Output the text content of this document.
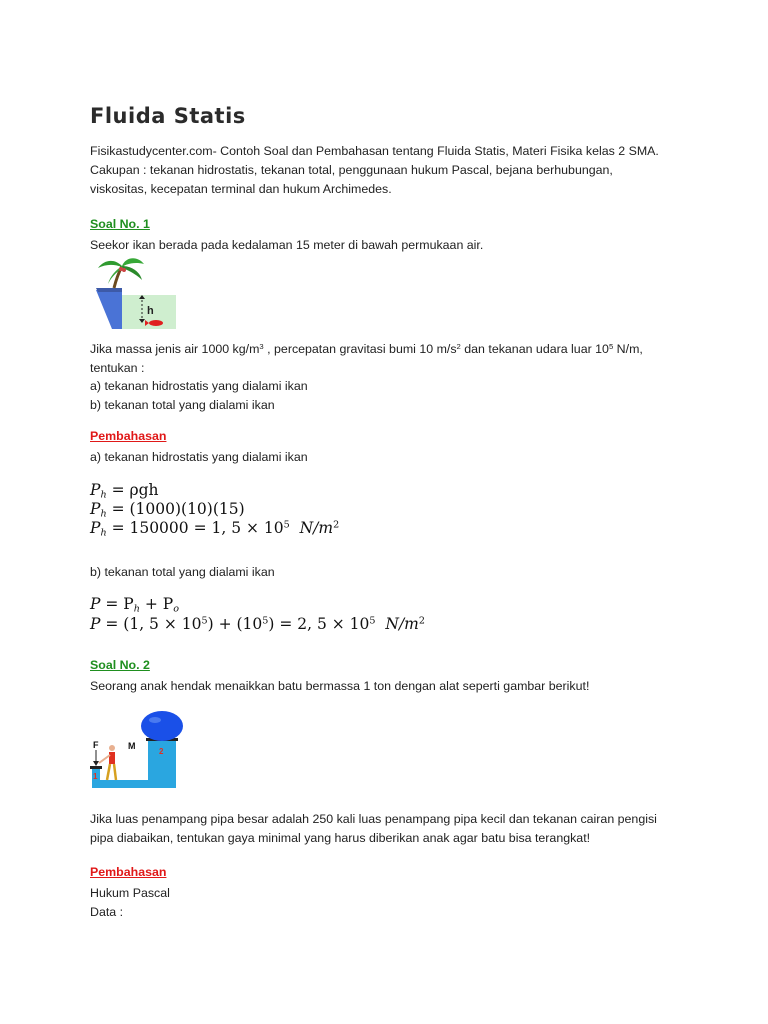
Fluida Statis
Fisikastudycenter.com- Contoh Soal dan Pembahasan tentang Fluida Statis, Materi Fisika kelas 2 SMA.
Cakupan : tekanan hidrostatis, tekanan total, penggunaan hukum Pascal, bejana berhubungan,
viskositas, kecepatan terminal dan hukum Archimedes.
Soal No. 1
Seekor ikan berada pada kedalaman 15 meter di bawah permukaan air.
h
Jika massa jenis air 1000 $kg/m^3$ , percepatan gravitasi bumi 10 $m/s^2$ dan tekanan udara luar $10^5$ N/m,
tentukan :
a) tekanan hidrostatis yang dialami ikan
b) tekanan total yang dialami ikan
Pembahasan
a) tekanan hidrostatis yang dialami ikan
$P_h = \rho gh$
$P_h = (1000)(10)(15)$
$P_h = 150000 = 1$, $5 \times 10^5$ $N/m^2$
b) tekanan total yang dialami ikan
$P = P_h + P_o$
P = (1, $5 \times 10^5) + (10^5) = 2$, $5 \times 10^5$ $N/m^2$
Soal No. 2
Seorang anak hendak menaikkan batu bermassa 1 ton dengan alat seperti gambar berikut!
F	M
1
2
Jika luas penampang pipa besar adalah 250 kali luas penampang pipa kecil dan tekanan cairan pengisi
pipa diabaikan, tentukan gaya minimal yang harus diberikan anak agar batu bisa terangkat!
Pembahasan
Hukum Pascal
Data :
